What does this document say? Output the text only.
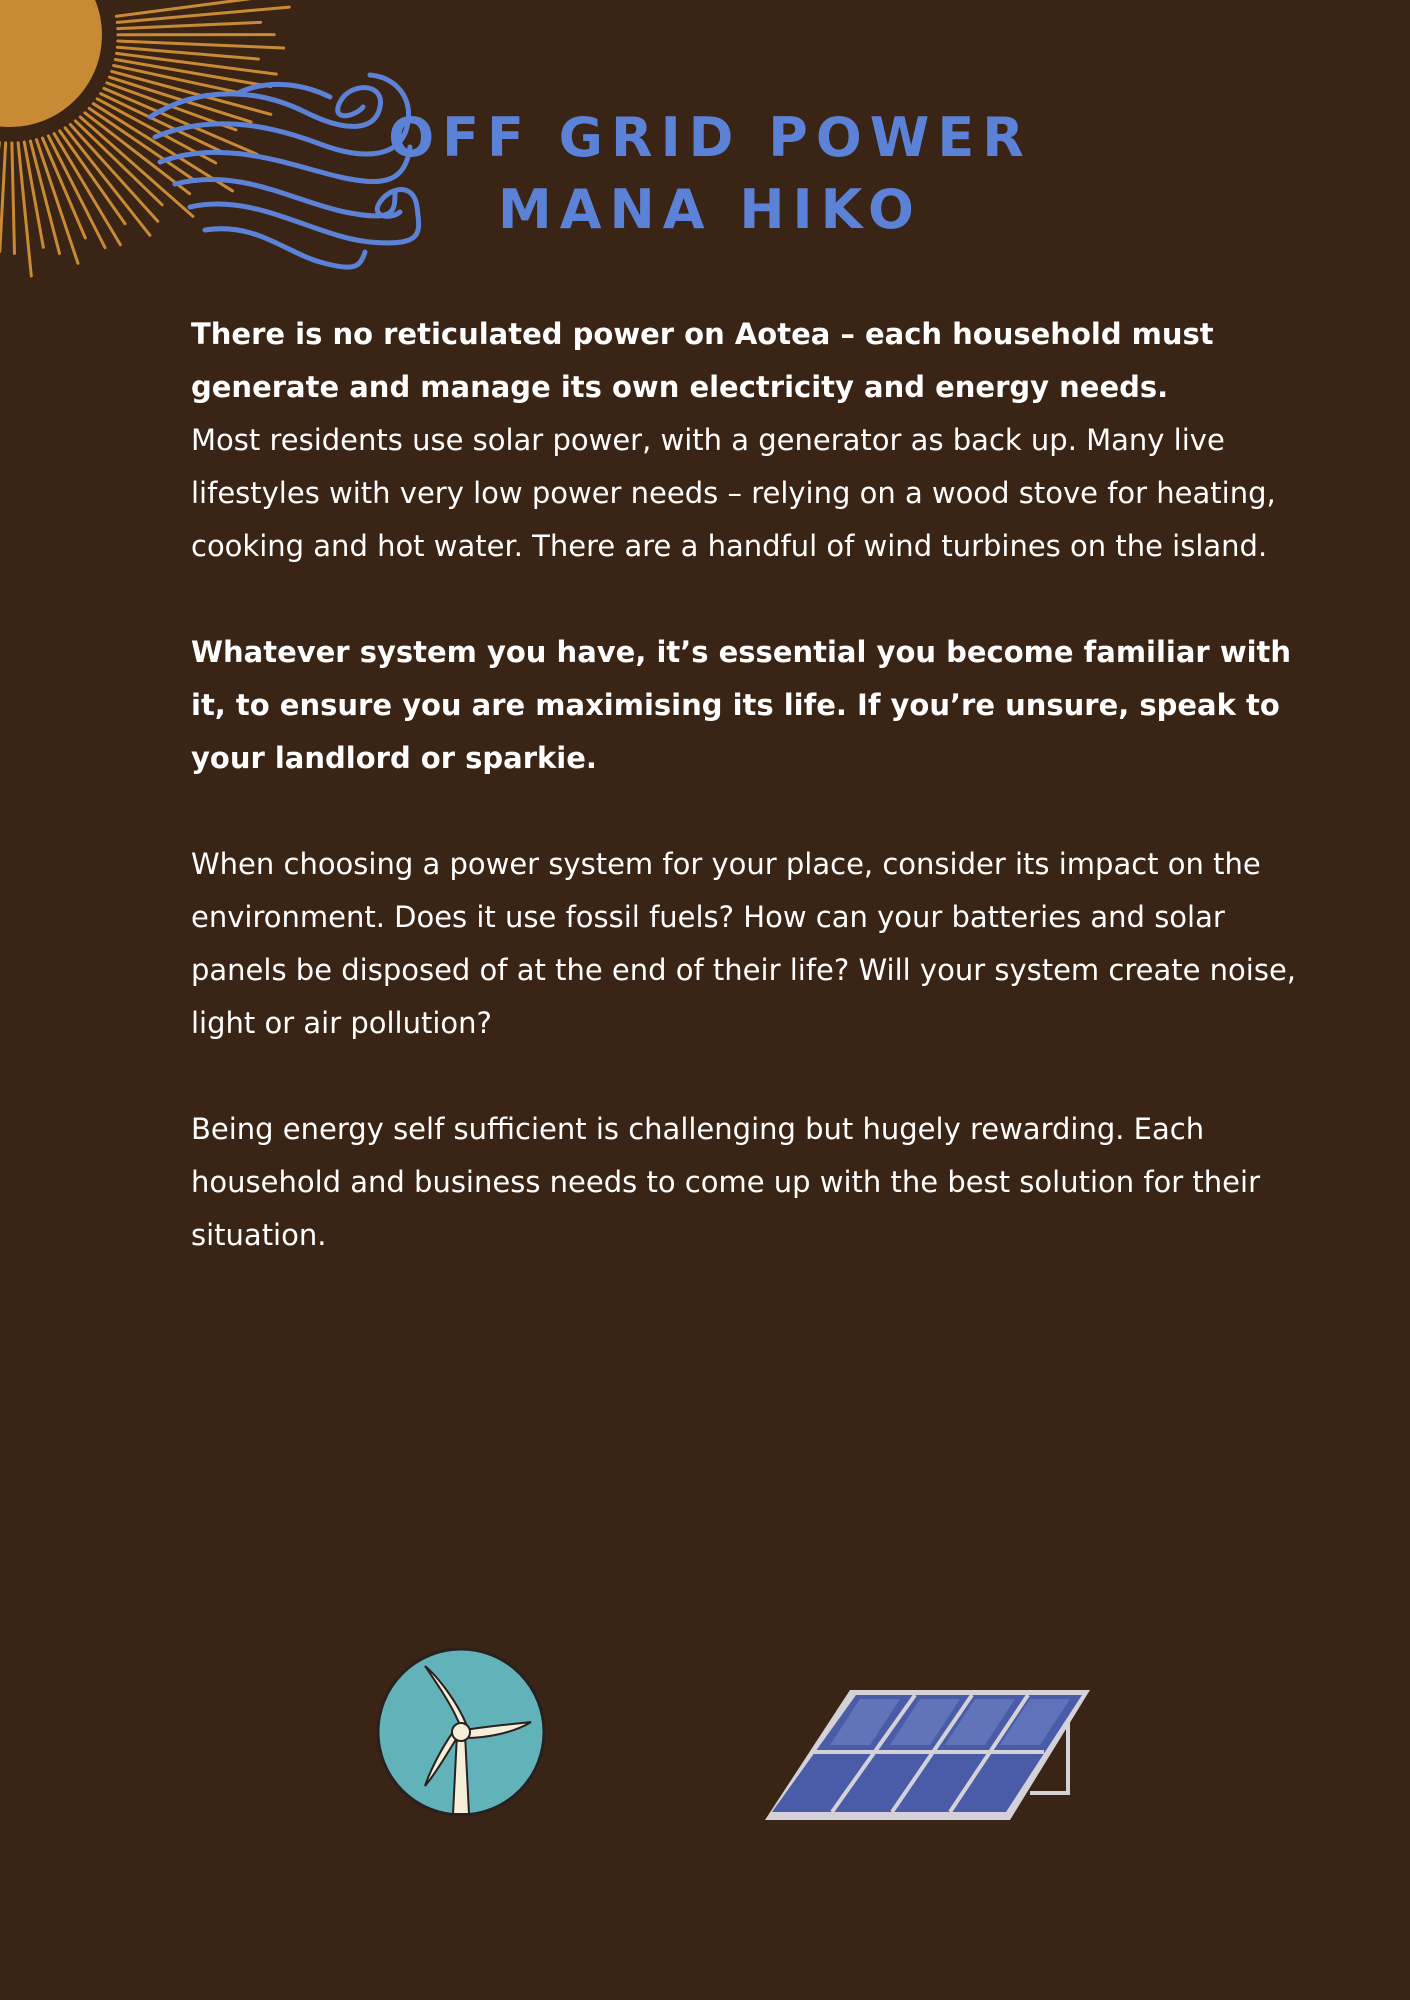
OFF GRID POWER
MANA HIKO

There is no reticulated power on Aotea – each household must generate and manage its own electricity and energy needs.

Most residents use solar power, with a generator as back up. Many live lifestyles with very low power needs – relying on a wood stove for heating, cooking and hot water. There are a handful of wind turbines on the island.

Whatever system you have, it’s essential you become familiar with it, to ensure you are maximising its life. If you’re unsure, speak to your landlord or sparkie.

When choosing a power system for your place, consider its impact on the environment. Does it use fossil fuels? How can your batteries and solar panels be disposed of at the end of their life? Will your system create noise, light or air pollution?

Being energy self sufficient is challenging but hugely rewarding. Each household and business needs to come up with the best solution for their situation.
